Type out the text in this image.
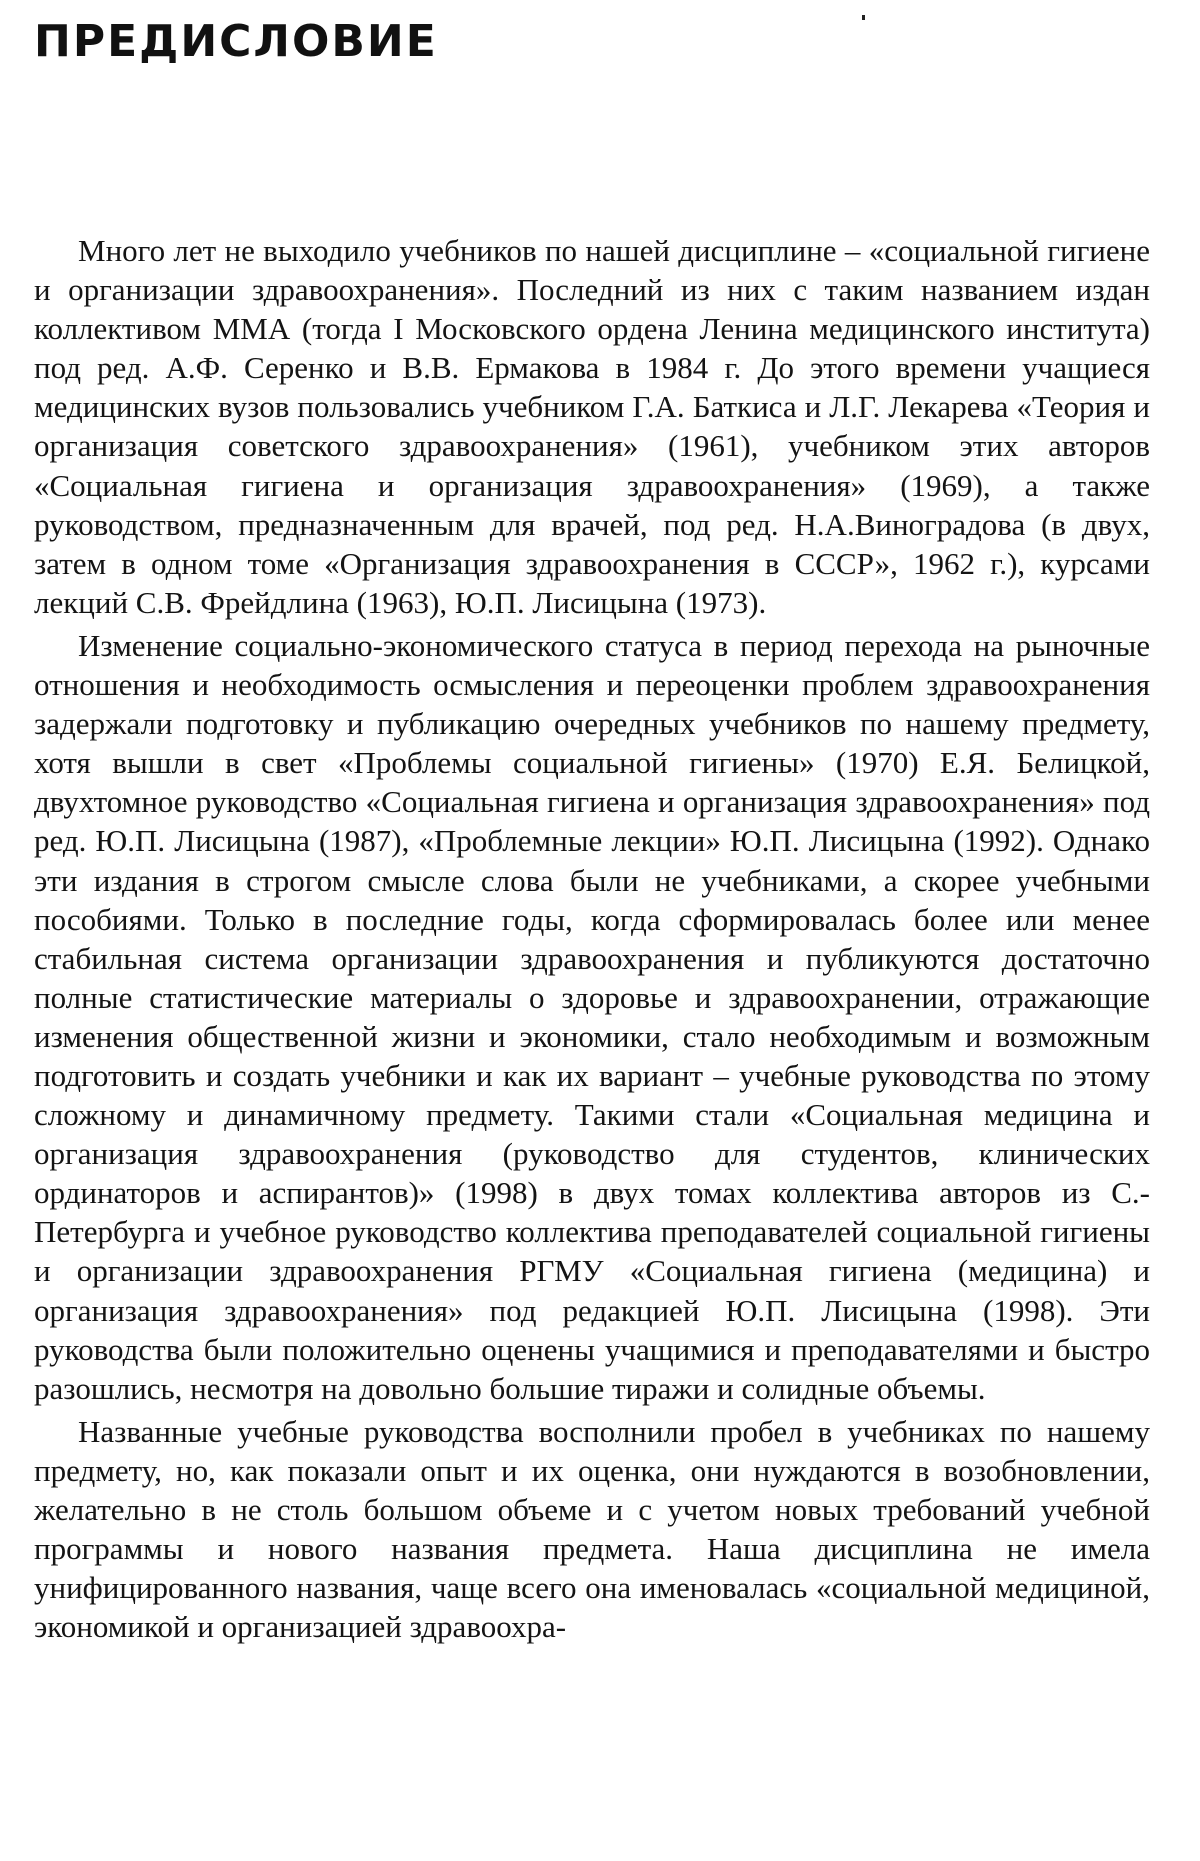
ПРЕДИСЛОВИЕ

Много лет не выходило учебников по нашей дисциплине – «социальной гигиене и организации здравоохранения». Последний из них с таким названием издан коллективом ММА (тогда I Московского ордена Ленина медицинского института) под ред. А.Ф. Серенко и В.В. Ермакова в 1984 г. До этого времени учащиеся медицинских вузов пользовались учебником Г.А. Баткиса и Л.Г. Лекарева «Теория и организация советского здравоохранения» (1961), учебником этих авторов «Социальная гигиена и организация здравоохранения» (1969), а также руководством, предназначенным для врачей, под ред. Н.А.Виноградова (в двух, затем в одном томе «Организация здравоохранения в СССР», 1962 г.), курсами лекций С.В. Фрейдлина (1963), Ю.П. Лисицына (1973).

Изменение социально-экономического статуса в период перехода на рыночные отношения и необходимость осмысления и переоценки проблем здравоохранения задержали подготовку и публикацию очередных учебников по нашему предмету, хотя вышли в свет «Проблемы социальной гигиены» (1970) Е.Я. Белицкой, двухтомное руководство «Социальная гигиена и организация здравоохранения» под ред. Ю.П. Лисицына (1987), «Проблемные лекции» Ю.П. Лисицына (1992). Однако эти издания в строгом смысле слова были не учебниками, а скорее учебными пособиями. Только в последние годы, когда сформировалась более или менее стабильная система организации здравоохранения и публикуются достаточно полные статистические материалы о здоровье и здравоохранении, отражающие изменения общественной жизни и экономики, стало необходимым и возможным подготовить и создать учебники и как их вариант – учебные руководства по этому сложному и динамичному предмету. Такими стали «Социальная медицина и организация здравоохранения (руководство для студентов, клинических ординаторов и аспирантов)» (1998) в двух томах коллектива авторов из С.-Петербурга и учебное руководство коллектива преподавателей социальной гигиены и организации здравоохранения РГМУ «Социальная гигиена (медицина) и организация здравоохранения» под редакцией Ю.П. Лисицына (1998). Эти руководства были положительно оценены учащимися и преподавателями и быстро разошлись, несмотря на довольно большие тиражи и солидные объемы.

Названные учебные руководства восполнили пробел в учебниках по нашему предмету, но, как показали опыт и их оценка, они нуждаются в возобновлении, желательно в не столь большом объеме и с учетом новых требований учебной программы и нового названия предмета. Наша дисциплина не имела унифицированного названия, чаще всего она именовалась «социальной медициной, экономикой и организацией здравоохра-
